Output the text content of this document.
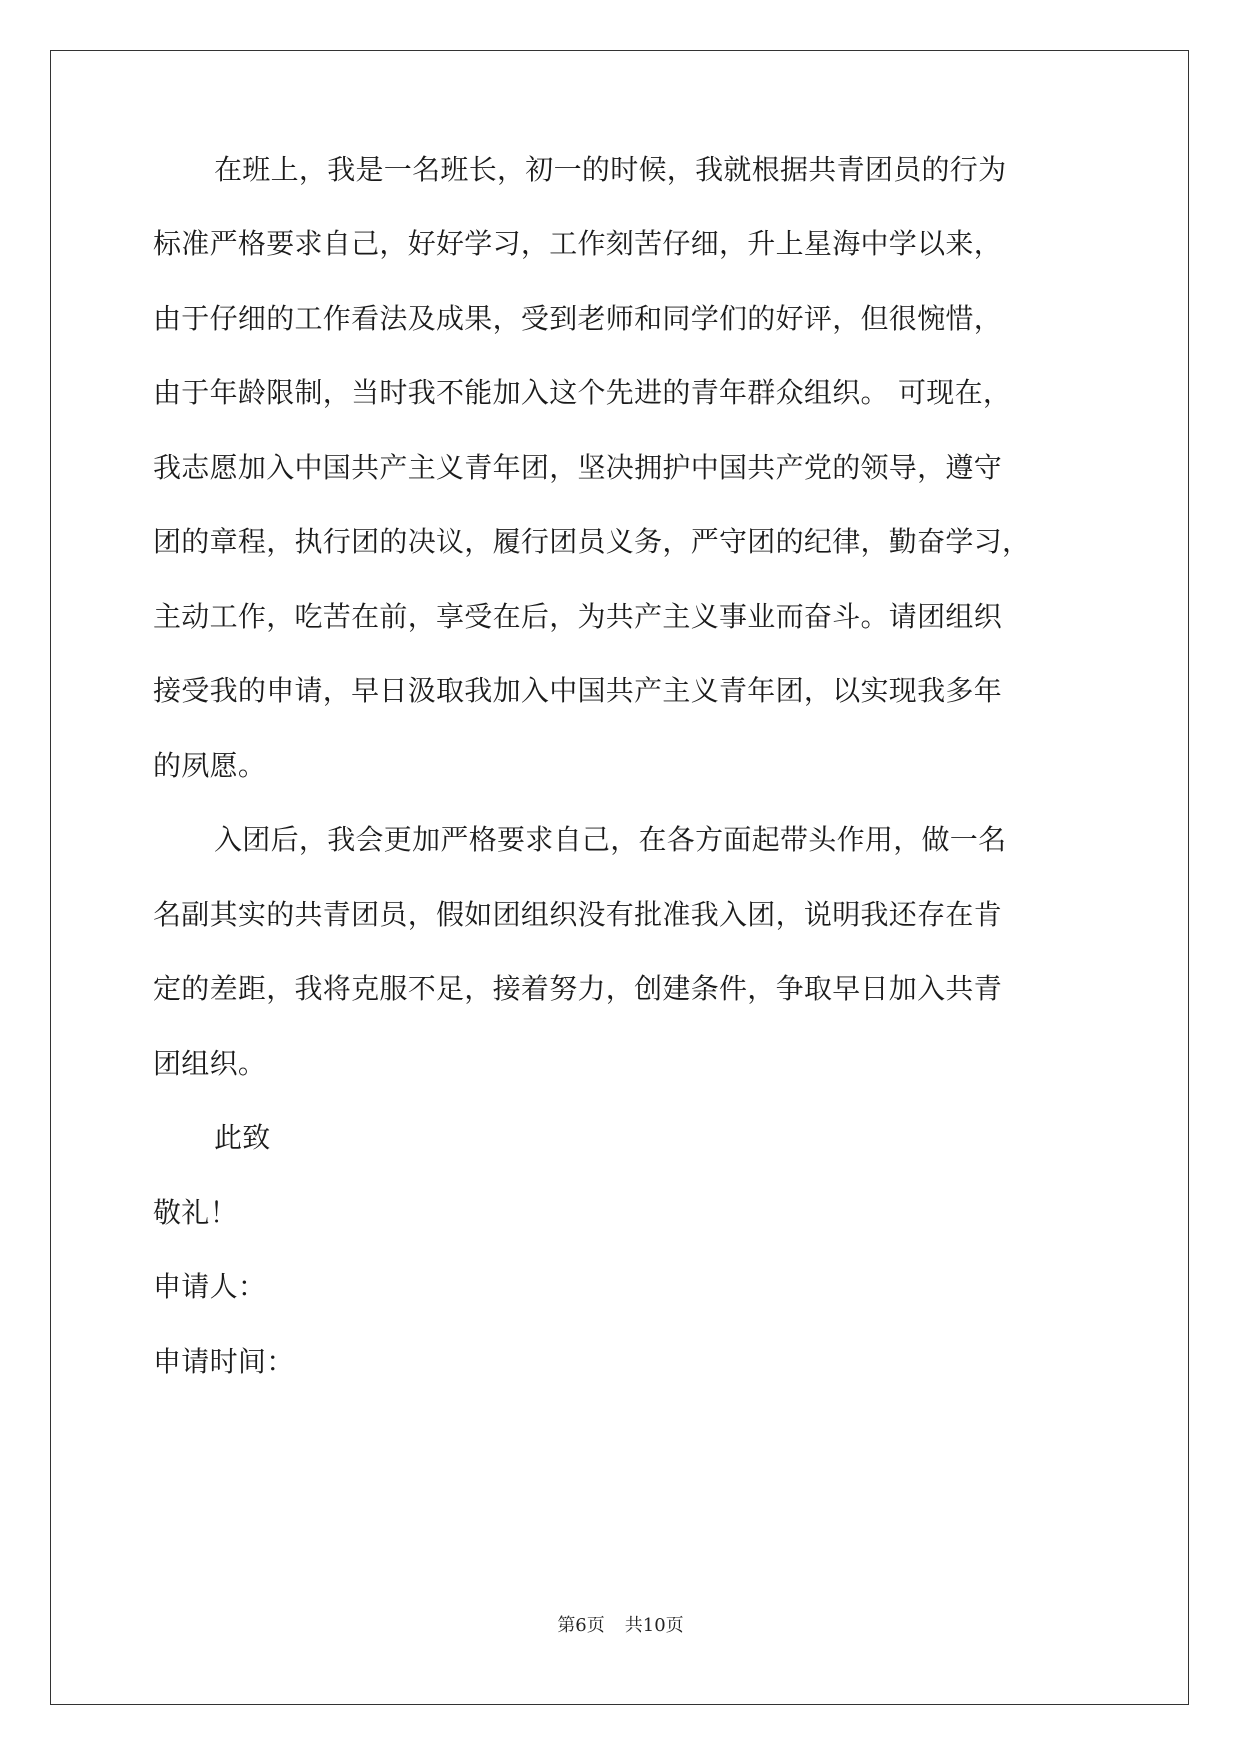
在班上，我是一名班长，初一的时候，我就根据共青团员的行为
标准严格要求自己，好好学习，工作刻苦仔细，升上星海中学以来，
由于仔细的工作看法及成果，受到老师和同学们的好评，但很惋惜，
由于年龄限制，当时我不能加入这个先进的青年群众组织。 可现在，
我志愿加入中国共产主义青年团，坚决拥护中国共产党的领导，遵守
团的章程，执行团的决议，履行团员义务，严守团的纪律，勤奋学习，
主动工作，吃苦在前，享受在后，为共产主义事业而奋斗。请团组织
接受我的申请，早日汲取我加入中国共产主义青年团，以实现我多年
的夙愿。
入团后，我会更加严格要求自己，在各方面起带头作用，做一名
名副其实的共青团员，假如团组织没有批准我入团，说明我还存在肯
定的差距，我将克服不足，接着努力，创建条件，争取早日加入共青
团组织。
此致
敬礼！
申请人：
申请时间：
第6页 共10页
